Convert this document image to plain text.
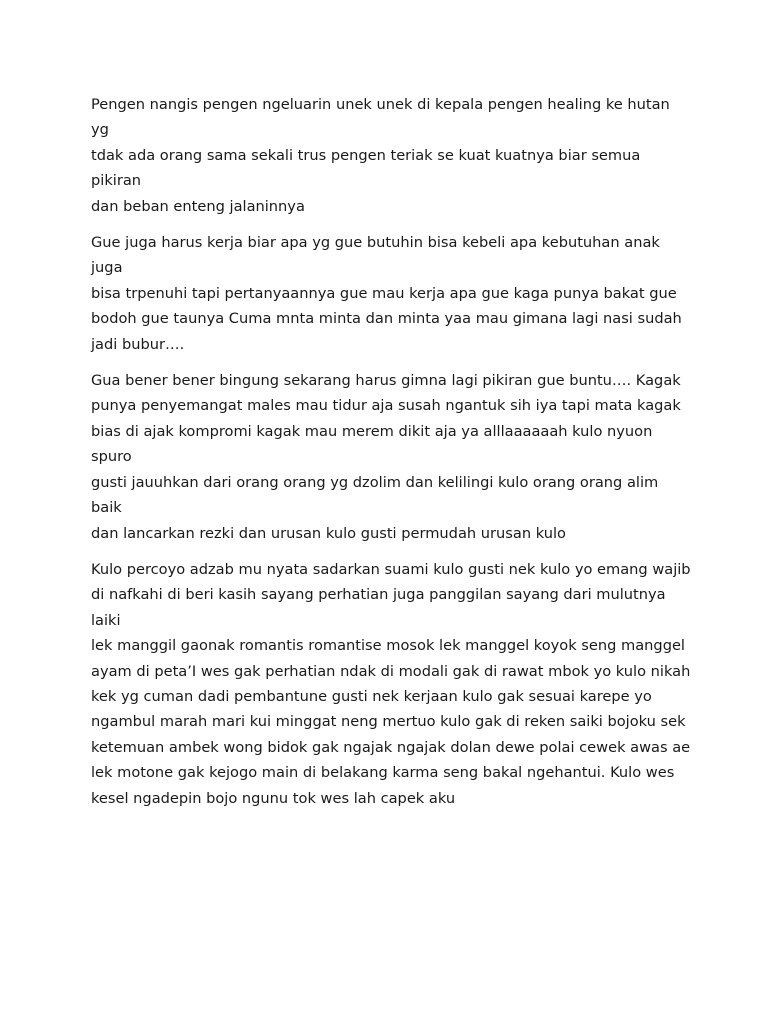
Pengen nangis pengen ngeluarin unek unek di kepala pengen healing ke hutan yg
tdak ada orang sama sekali trus pengen teriak se kuat kuatnya biar semua pikiran
dan beban enteng jalaninnya

Gue juga harus kerja biar apa yg gue butuhin bisa kebeli apa kebutuhan anak juga
bisa trpenuhi tapi pertanyaannya gue mau kerja apa gue kaga punya bakat gue
bodoh gue taunya Cuma mnta minta dan minta yaa mau gimana lagi nasi sudah
jadi bubur….

Gua bener bener bingung sekarang harus gimna lagi pikiran gue buntu…. Kagak
punya penyemangat males mau tidur aja susah ngantuk sih iya tapi mata kagak
bias di ajak kompromi kagak mau merem dikit aja ya alllaaaaaah kulo nyuon spuro
gusti jauuhkan dari orang orang yg dzolim dan kelilingi kulo orang orang alim baik
dan lancarkan rezki dan urusan kulo gusti permudah urusan kulo

Kulo percoyo adzab mu nyata sadarkan suami kulo gusti nek kulo yo emang wajib
di nafkahi di beri kasih sayang perhatian juga panggilan sayang dari mulutnya laiki
lek manggil gaonak romantis romantise mosok lek manggel koyok seng manggel
ayam di peta’I wes gak perhatian ndak di modali gak di rawat mbok yo kulo nikah
kek yg cuman dadi pembantune gusti nek kerjaan kulo gak sesuai karepe yo
ngambul marah mari kui minggat neng mertuo kulo gak di reken saiki bojoku sek
ketemuan ambek wong bidok gak ngajak ngajak dolan dewe polai cewek awas ae
lek motone gak kejogo main di belakang karma seng bakal ngehantui. Kulo wes
kesel ngadepin bojo ngunu tok wes lah capek aku
